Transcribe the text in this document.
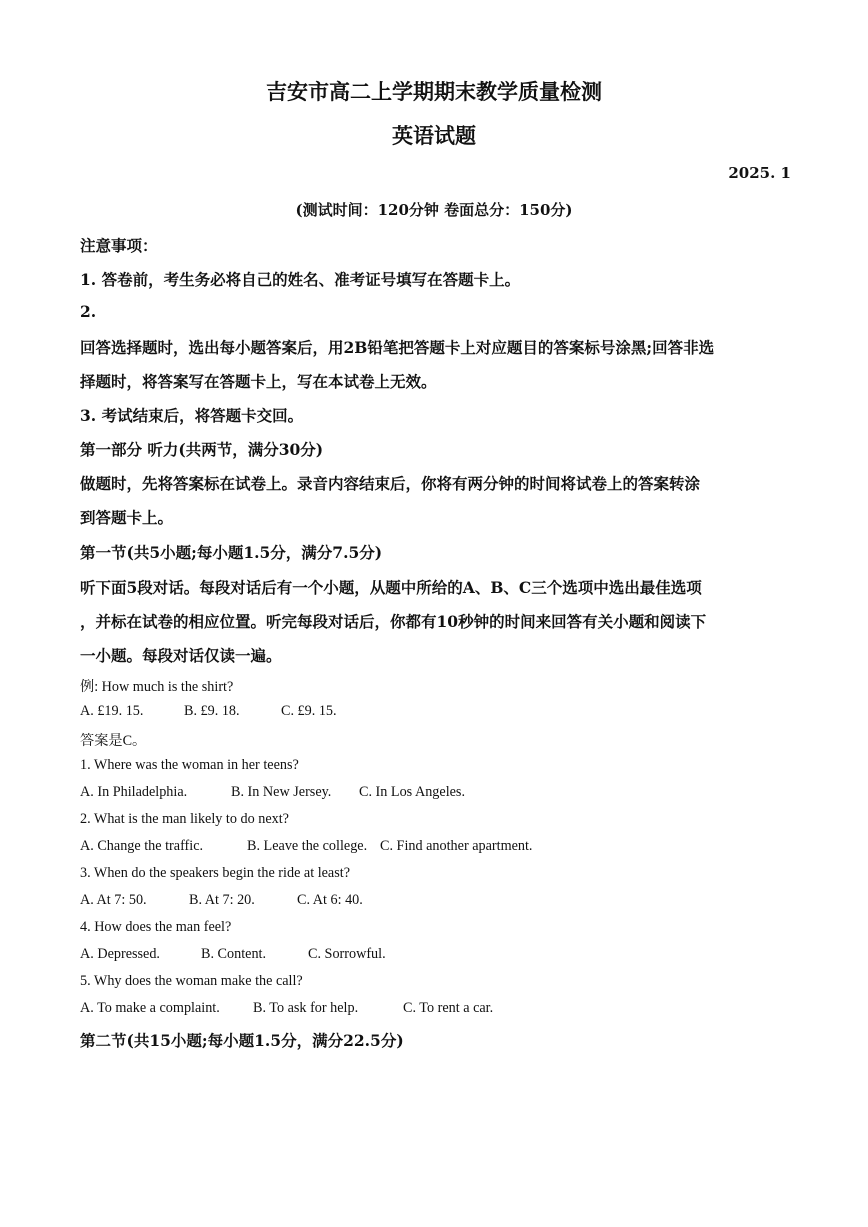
吉安市高二上学期期末教学质量检测
英语试题
2025. 1
(测试时间：120分钟 卷面总分：150分)
注意事项：
1. 答卷前，考生务必将自己的姓名、准考证号填写在答题卡上。
2.
回答选择题时，选出每小题答案后，用2B铅笔把答题卡上对应题目的答案标号涂黑;回答非选
择题时，将答案写在答题卡上，写在本试卷上无效。
3. 考试结束后，将答题卡交回。
第一部分 听力(共两节，满分30分)
做题时，先将答案标在试卷上。录音内容结束后，你将有两分钟的时间将试卷上的答案转涂
到答题卡上。
第一节(共5小题;每小题1.5分，满分7.5分)
听下面5段对话。每段对话后有一个小题，从题中所给的A、B、C三个选项中选出最佳选项
，并标在试卷的相应位置。听完每段对话后，你都有10秒钟的时间来回答有关小题和阅读下
一小题。每段对话仅读一遍。
例: How much is the shirt?
A. £19. 15.	B. £9. 18.	C. £9. 15.
答案是C。
1. Where was the woman in her teens?
A. In Philadelphia.	B. In New Jersey. C. In Los Angeles.
2. What is the man likely to do next?
A. Change the traffic.	B. Leave the college. C. Find another apartment.
3. When do the speakers begin the ride at least?
A. At 7: 50.	B. At 7: 20.	C. At 6: 40.
4. How does the man feel?
A. Depressed.	B. Content.	C. Sorrowful.
5. Why does the woman make the call?
A. To make a complaint. B. To ask for help.	C. To rent a car.
第二节(共15小题;每小题1.5分，满分22.5分)
